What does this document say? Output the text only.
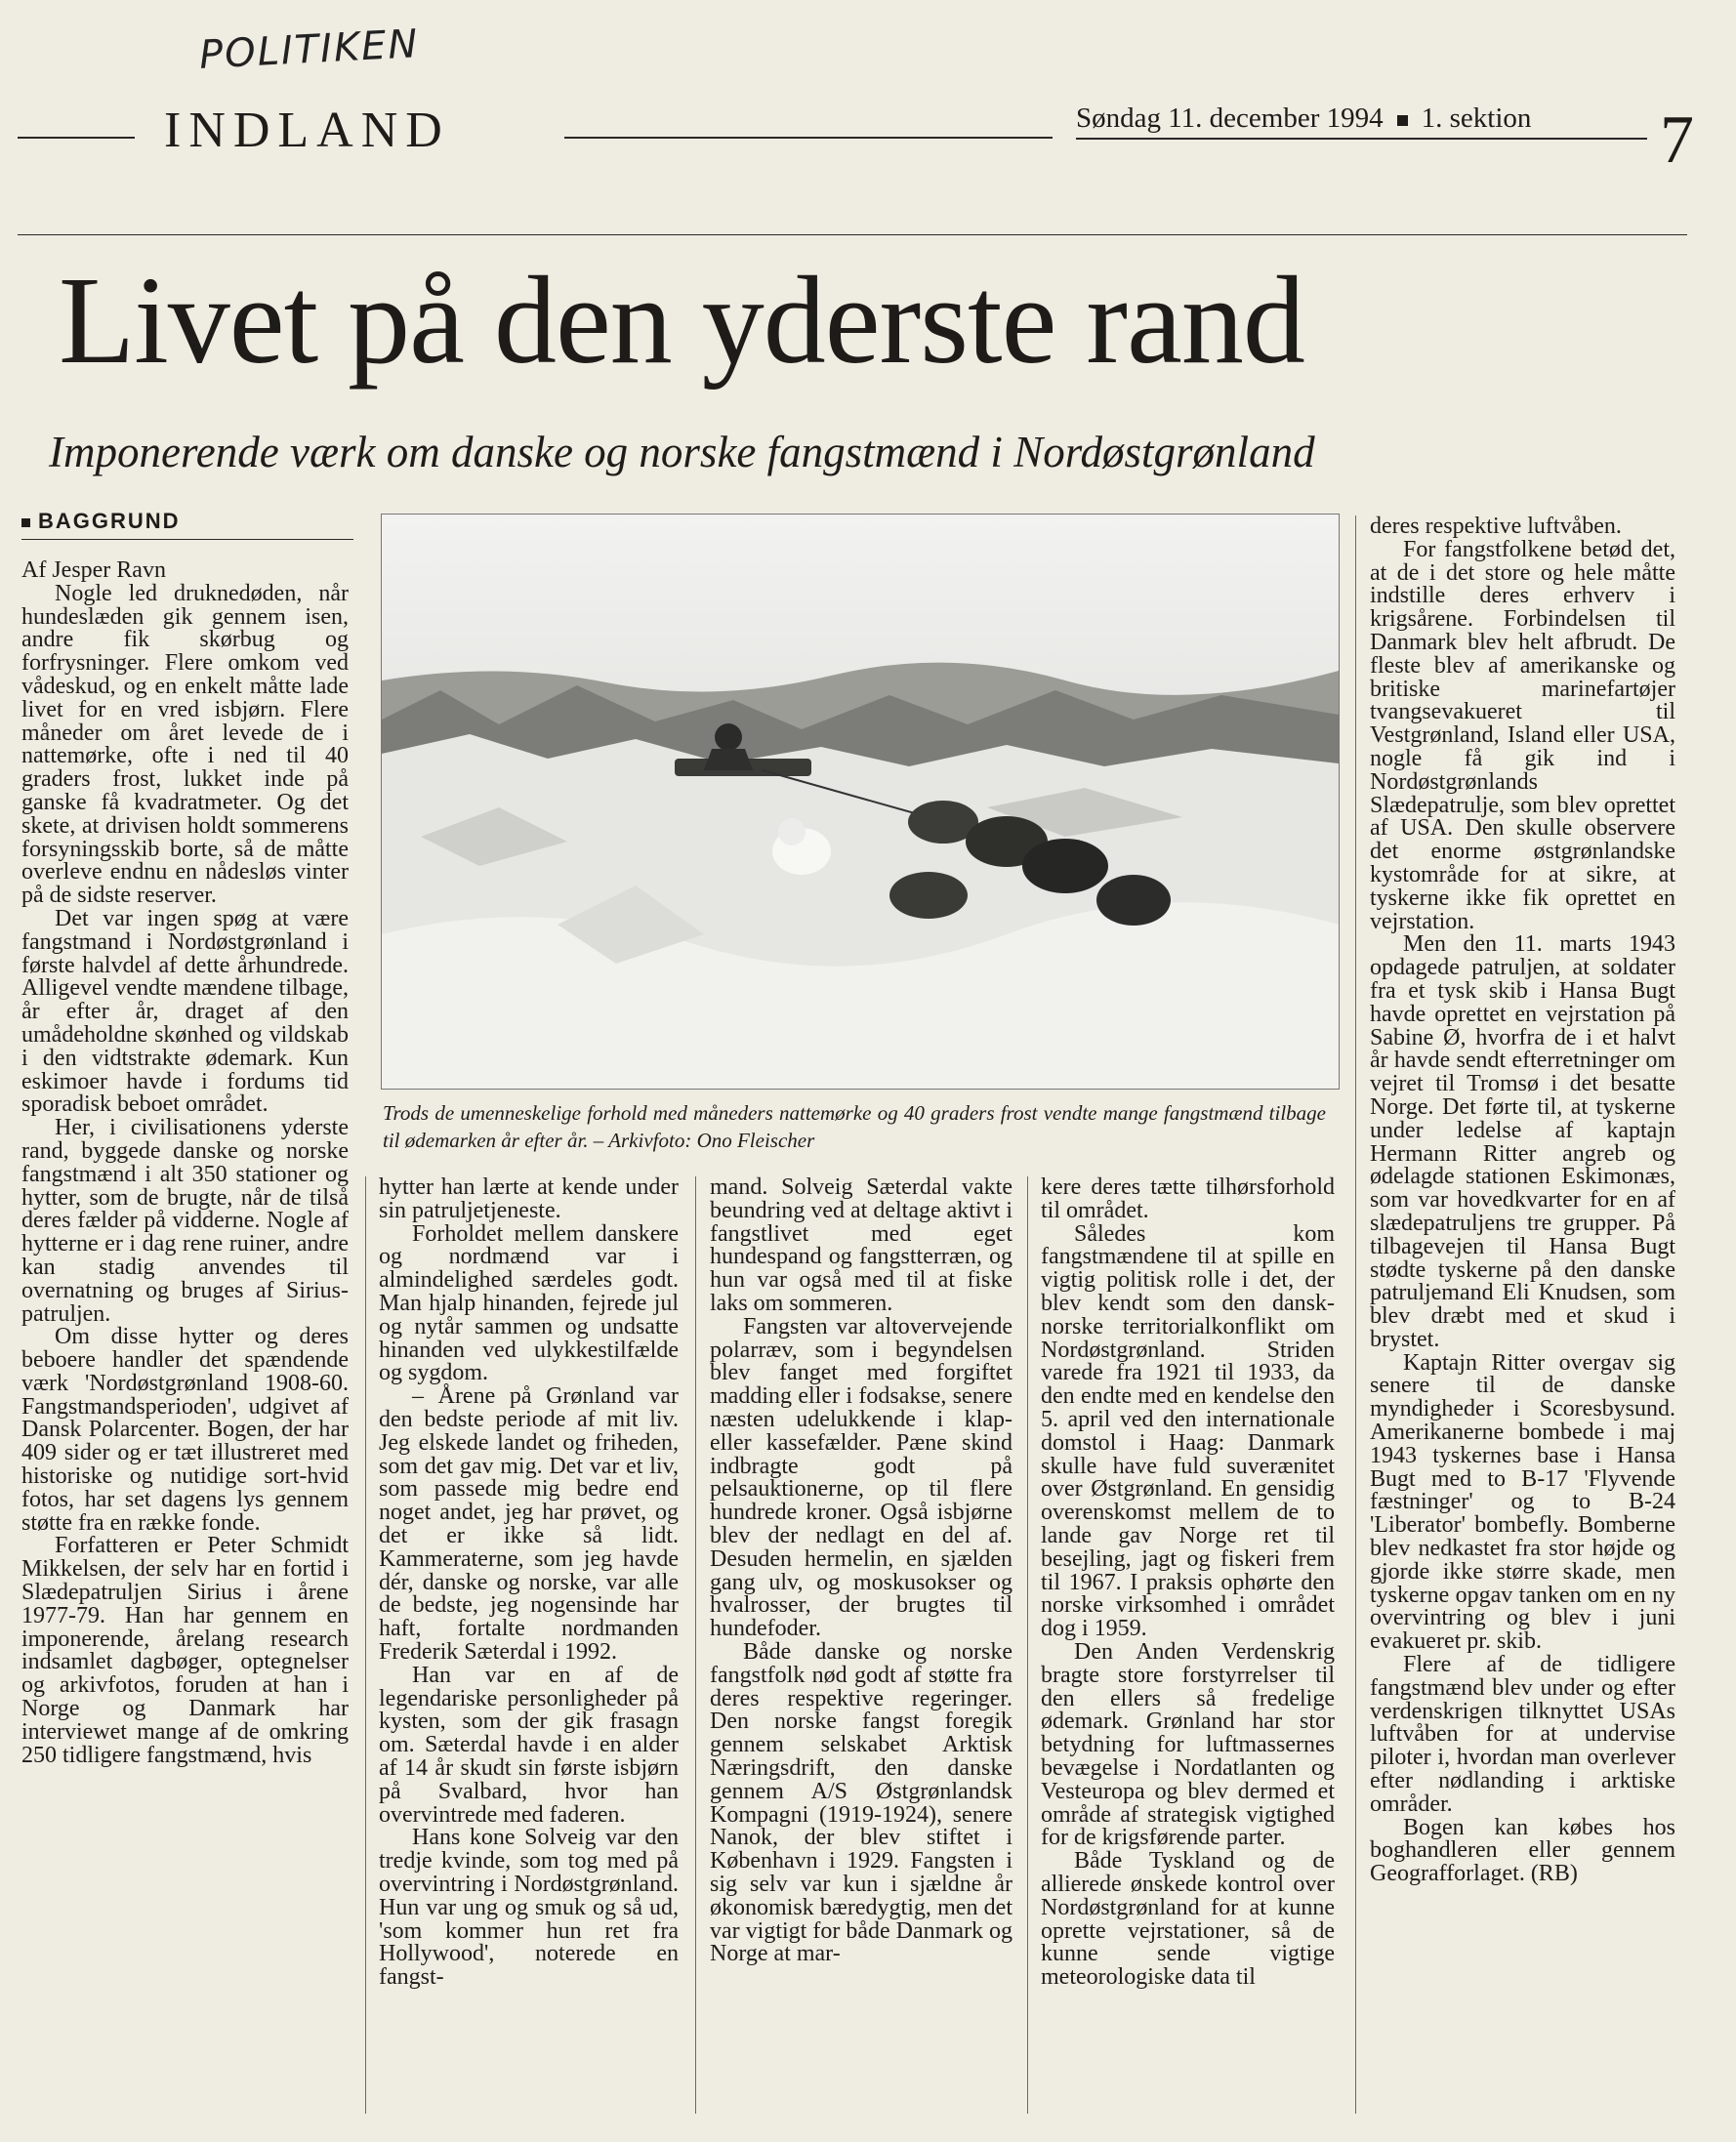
POLITIKEN
INDLAND	Søndag 11. december 1994 1. sektion 7
Livet på den yderste rand
Imponerende værk om danske og norske fangstmænd i Nordøstgrønland
BAGGRUND

Trods de umenneskelige forhold med måneders nattemørke og 40 graders frost vendte mange fangstmænd tilbage til ødemarken år efter år. – Arkivfoto: Ono Fleischer

Af Jesper Ravn

Nogle led druknedøden, når hundeslæden gik gennem isen, andre fik skørbug og forfrysninger. Flere omkom ved vådeskud, og en enkelt måtte lade livet for en vred isbjørn. Flere måneder om året levede de i nattemørke, ofte i ned til 40 graders frost, lukket inde på ganske få kvadratmeter. Og det skete, at drivisen holdt sommerens forsyningsskib borte, så de måtte overleve endnu en nådesløs vinter på de sidste reserver.

Det var ingen spøg at være fangstmand i Nordøstgrønland i første halvdel af dette århundrede. Alligevel vendte mændene tilbage, år efter år, draget af den umådeholdne skønhed og vildskab i den vidtstrakte ødemark. Kun eskimoer havde i fordums tid sporadisk beboet området.

Her, i civilisationens yderste rand, byggede danske og norske fangstmænd i alt 350 stationer og hytter, som de brugte, når de tilså deres fælder på vidderne. Nogle af hytterne er i dag rene ruiner, andre kan stadig anvendes til overnatning og bruges af Sirius-patruljen.

Om disse hytter og deres beboere handler det spændende værk 'Nordøstgrønland 1908-60. Fangstmandsperioden', udgivet af Dansk Polarcenter. Bogen, der har 409 sider og er tæt illustreret med historiske og nutidige sort-hvid fotos, har set dagens lys gennem støtte fra en række fonde.

Forfatteren er Peter Schmidt Mikkelsen, der selv har en fortid i Slædepatruljen Sirius i årene 1977-79. Han har gennem en imponerende, årelang research indsamlet dagbøger, optegnelser og arkivfotos, foruden at han i Norge og Danmark har interviewet mange af de omkring 250 tidligere fangstmænd, hvis

hytter han lærte at kende under sin patruljetjeneste.

Forholdet mellem danskere og nordmænd var i almindelighed særdeles godt. Man hjalp hinanden, fejrede jul og nytår sammen og undsatte hinanden ved ulykkestilfælde og sygdom.

– Årene på Grønland var den bedste periode af mit liv. Jeg elskede landet og friheden, som det gav mig. Det var et liv, som passede mig bedre end noget andet, jeg har prøvet, og det er ikke så lidt. Kammeraterne, som jeg havde dér, danske og norske, var alle de bedste, jeg nogensinde har haft, fortalte nordmanden Frederik Sæterdal i 1992.

Han var en af de legendariske personligheder på kysten, som der gik frasagn om. Sæterdal havde i en alder af 14 år skudt sin første isbjørn på Svalbard, hvor han overvintrede med faderen.

Hans kone Solveig var den tredje kvinde, som tog med på overvintring i Nordøstgrønland. Hun var ung og smuk og så ud, 'som kommer hun ret fra Hollywood', noterede en fangst-

mand. Solveig Sæterdal vakte beundring ved at deltage aktivt i fangstlivet med eget hundespand og fangstterræn, og hun var også med til at fiske laks om sommeren.

Fangsten var altoverveјende polarræv, som i begyndelsen blev fanget med forgiftet madding eller i fodsakse, senere næsten udelukkende i klap- eller kassefælder. Pæne skind indbragte godt på pelsauktionerne, op til flere hundrede kroner. Også isbjørne blev der nedlagt en del af. Desuden hermelin, en sjælden gang ulv, og moskusokser og hvalrosser, der brugtes til hundefoder.

Både danske og norske fangstfolk nød godt af støtte fra deres respektive regeringer. Den norske fangst foregik gennem selskabet Arktisk Næringsdrift, den danske gennem A/S Østgrønlandsk Kompagni (1919-1924), senere Nanok, der blev stiftet i København i 1929. Fangsten i sig selv var kun i sjældne år økonomisk bæredygtig, men det var vigtigt for både Danmark og Norge at mar-

kere deres tætte tilhørsforhold til området.

Således kom fangstmændene til at spille en vigtig politisk rolle i det, der blev kendt som den dansk-norske territorialkonflikt om Nordøstgrønland. Striden varede fra 1921 til 1933, da den endte med en kendelse den 5. april ved den internationale domstol i Haag: Danmark skulle have fuld suverænitet over Østgrønland. En gensidig overenskomst mellem de to lande gav Norge ret til besejling, jagt og fiskeri frem til 1967. I praksis ophørte den norske virksomhed i området dog i 1959.

Den Anden Verdenskrig bragte store forstyrrelser til den ellers så fredelige ødemark. Grønland har stor betydning for luftmassernes bevægelse i Nordatlanten og Vesteuropa og blev dermed et område af strategisk vigtighed for de krigsførende parter.

Både Tyskland og de allierede ønskede kontrol over Nordøstgrønland for at kunne oprette vejrstationer, så de kunne sende vigtige meteorologiske data til

deres respektive luftvåben.

For fangstfolkene betød det, at de i det store og hele måtte indstille deres erhverv i krigsårene. Forbindelsen til Danmark blev helt afbrudt. De fleste blev af amerikanske og britiske marinefartøjer tvangsevakueret til Vestgrønland, Island eller USA, nogle få gik ind i Nordøstgrønlands Slædepatrulje, som blev oprettet af USA. Den skulle observere det enorme østgrønlandske kystområde for at sikre, at tyskerne ikke fik oprettet en vejrstation.

Men den 11. marts 1943 opdagede patruljen, at soldater fra et tysk skib i Hansa Bugt havde oprettet en vejrstation på Sabine Ø, hvorfra de i et halvt år havde sendt efterretninger om vejret til Tromsø i det besatte Norge. Det førte til, at tyskerne under ledelse af kaptajn Hermann Ritter angreb og ødelagde stationen Eskimonæs, som var hovedkvarter for en af slædepatruljens tre grupper. På tilbagevejen til Hansa Bugt stødte tyskerne på den danske patruljemand Eli Knudsen, som blev dræbt med et skud i brystet.

Kaptajn Ritter overgav sig senere til de danske myndigheder i Scoresbysund. Amerikanerne bombede i maj 1943 tyskernes base i Hansa Bugt med to B-17 'Flyvende fæstninger' og to B-24 'Liberator' bombefly. Bomberne blev nedkastet fra stor højde og gjorde ikke større skade, men tyskerne opgav tanken om en ny overvintring og blev i juni evakueret pr. skib.

Flere af de tidligere fangstmænd blev under og efter verdenskrigen tilknyttet USAs luftvåben for at undervise piloter i, hvordan man overlever efter nødlanding i arktiske områder.

Bogen kan købes hos boghandleren eller gennem Geografforlaget. (RB)
